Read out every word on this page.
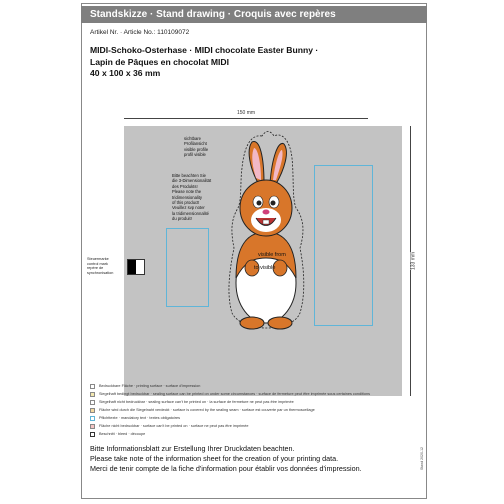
Standskizze · Stand drawing · Croquis avec repères
Artikel Nr. · Article No.: 110109072
MIDI-Schoko-Osterhase · MIDI chocolate Easter Bunny ·
Lapin de Pâques en chocolat MIDI
40 x 100 x 36 mm
150 mm
133 mm
visible from
to visible
sichtbare
Profilansicht
visible profile
profil visible
Bitte beachten Sie
die 3-Dimensionalität
des Produkts!
Please note the
tridimensionality
of this product!
Veuillez svp noter
la tridimensionnalité
du produit!
Steuermarke
control mark
repère de
synchronisation
Bedruckbare Fläche · printing surface · surface d'impression
Siegelhaft bedingt bedruckbar · sealing surface can be printed on under some circumstances · surface de fermeture peut être imprimée sous certaines conditions
Siegelhaft nicht bedruckbar · sealing surface can't be printed on · la surface de fermeture ne peut pas être imprimée
Fläche wird durch die Siegelnaht verdeckt · surface is covered by the sealing seam · surface est couverte par un thermoscellage
Pflichttexte · mandatory text · textes obligatoires
Fläche nicht bedruckbar · surface can't be printed on · surface ne peut pas être imprimée
Beschnitt · bleed · découpe
Bitte Informationsblatt zur Erstellung Ihrer Druckdaten beachten.
Please take note of the information sheet for the creation of your printing data.
Merci de tenir compte de la fiche d'information pour établir vos données d'impression.	Stand 2020-12
